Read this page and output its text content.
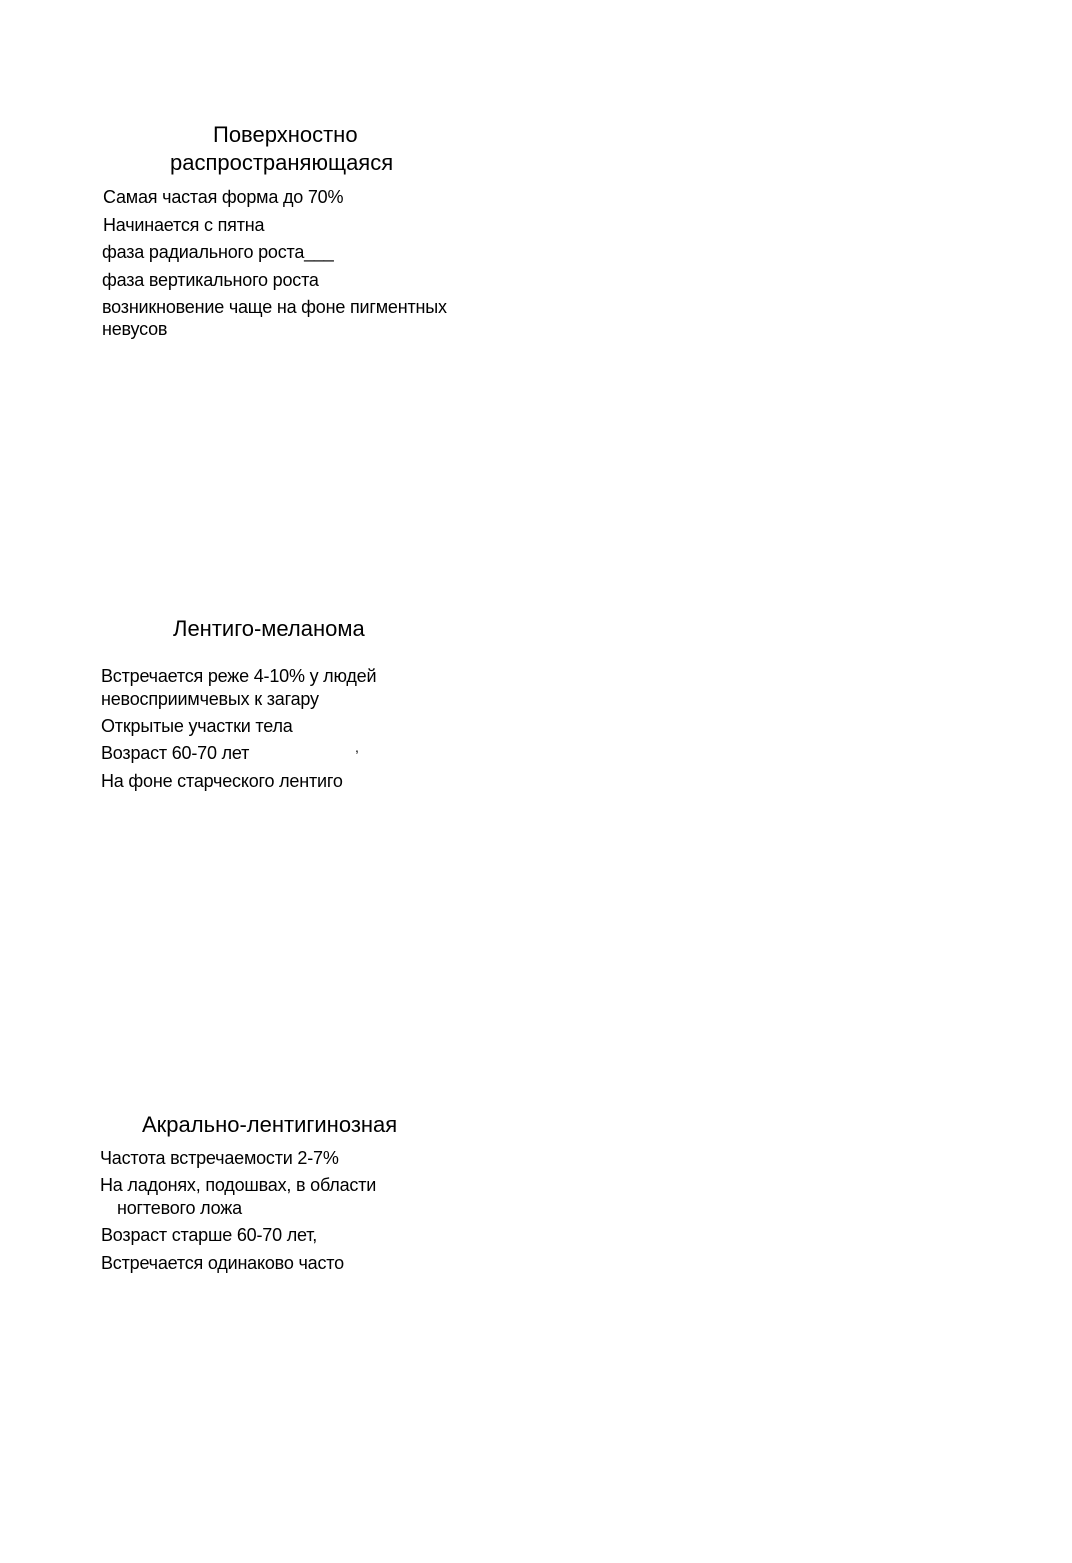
Поверхностно
распространяющаяся
Самая частая форма до 70%
Начинается с пятна
фаза радиального роста___
фаза вертикального роста
возникновение чаще на фоне пигментных
невусов
Лентиго-меланома
Встречается реже 4-10% у людей
невосприимчевых к загару
Открытые участки тела
Возраст 60-70 лет	,
На фоне старческого лентиго
Акрально-лентигинозная
Частота встречаемости 2-7%
На ладонях, подошвах, в области
ногтевого ложа
Возраст старше 60-70 лет,
Встречается одинаково часто
